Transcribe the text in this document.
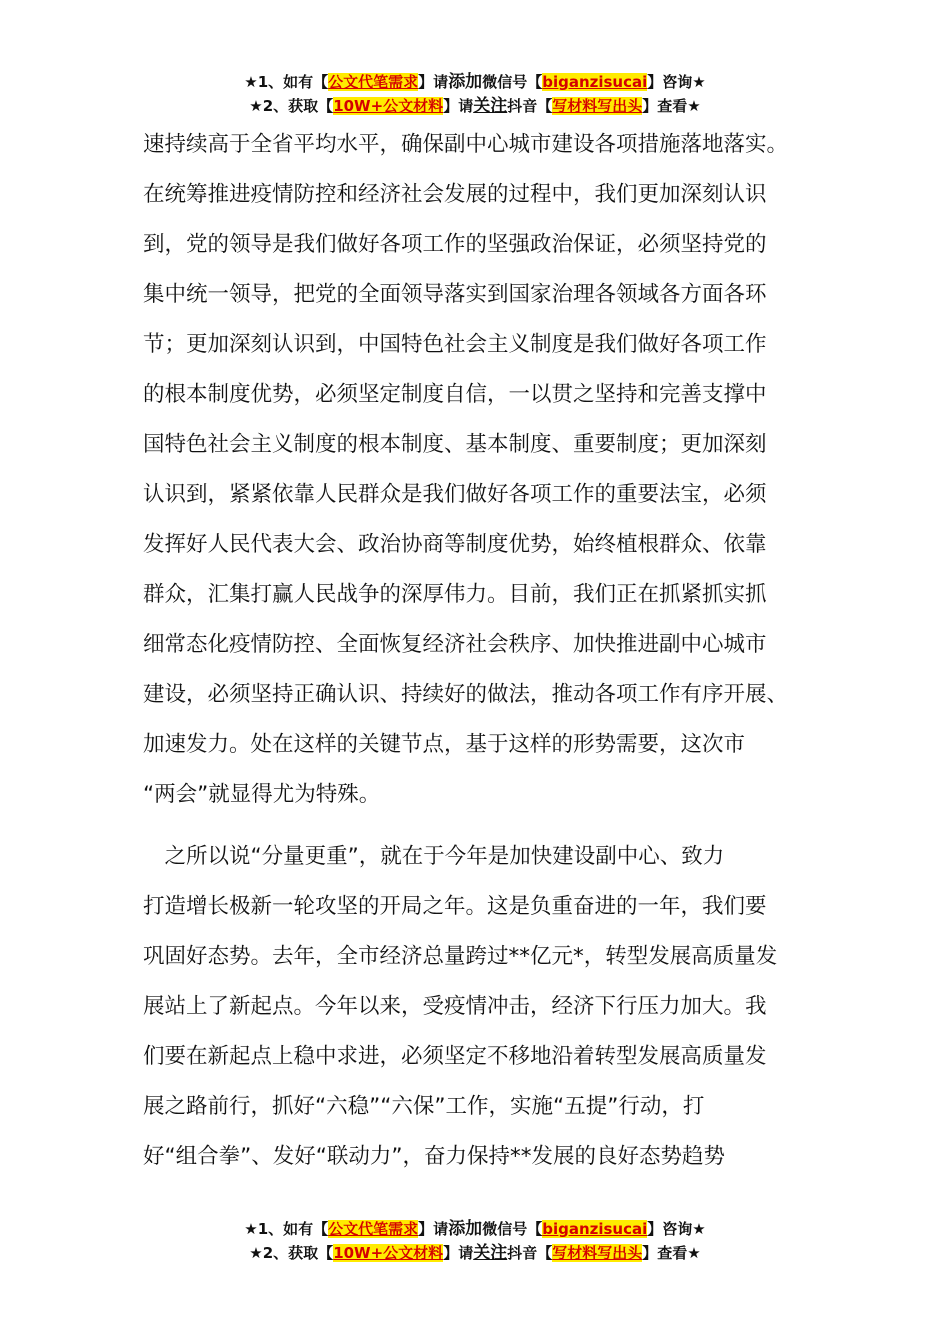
★1、如有【公文代笔需求】请添加微信号【biganzisucai】咨询★
★2、获取【10W+公文材料】请关注抖音【写材料写出头】查看★

速持续高于全省平均水平，确保副中心城市建设各项措施落地落实。

在统筹推进疫情防控和经济社会发展的过程中，我们更加深刻认识

到，党的领导是我们做好各项工作的坚强政治保证，必须坚持党的

集中统一领导，把党的全面领导落实到国家治理各领域各方面各环

节；更加深刻认识到，中国特色社会主义制度是我们做好各项工作

的根本制度优势，必须坚定制度自信，一以贯之坚持和完善支撑中

国特色社会主义制度的根本制度、基本制度、重要制度；更加深刻

认识到，紧紧依靠人民群众是我们做好各项工作的重要法宝，必须

发挥好人民代表大会、政治协商等制度优势，始终植根群众、依靠

群众，汇集打赢人民战争的深厚伟力。目前，我们正在抓紧抓实抓

细常态化疫情防控、全面恢复经济社会秩序、加快推进副中心城市

建设，必须坚持正确认识、持续好的做法，推动各项工作有序开展、

加速发力。处在这样的关键节点，基于这样的形势需要，这次市

“两会”就显得尤为特殊。

　之所以说“分量更重”，就在于今年是加快建设副中心、致力

打造增长极新一轮攻坚的开局之年。这是负重奋进的一年，我们要

巩固好态势。去年，全市经济总量跨过**亿元*，转型发展高质量发

展站上了新起点。今年以来，受疫情冲击，经济下行压力加大。我

们要在新起点上稳中求进，必须坚定不移地沿着转型发展高质量发

展之路前行，抓好“六稳”“六保”工作，实施“五提”行动，打

好“组合拳”、发好“联动力”，奋力保持**发展的良好态势趋势

★1、如有【公文代笔需求】请添加微信号【biganzisucai】咨询★
★2、获取【10W+公文材料】请关注抖音【写材料写出头】查看★
